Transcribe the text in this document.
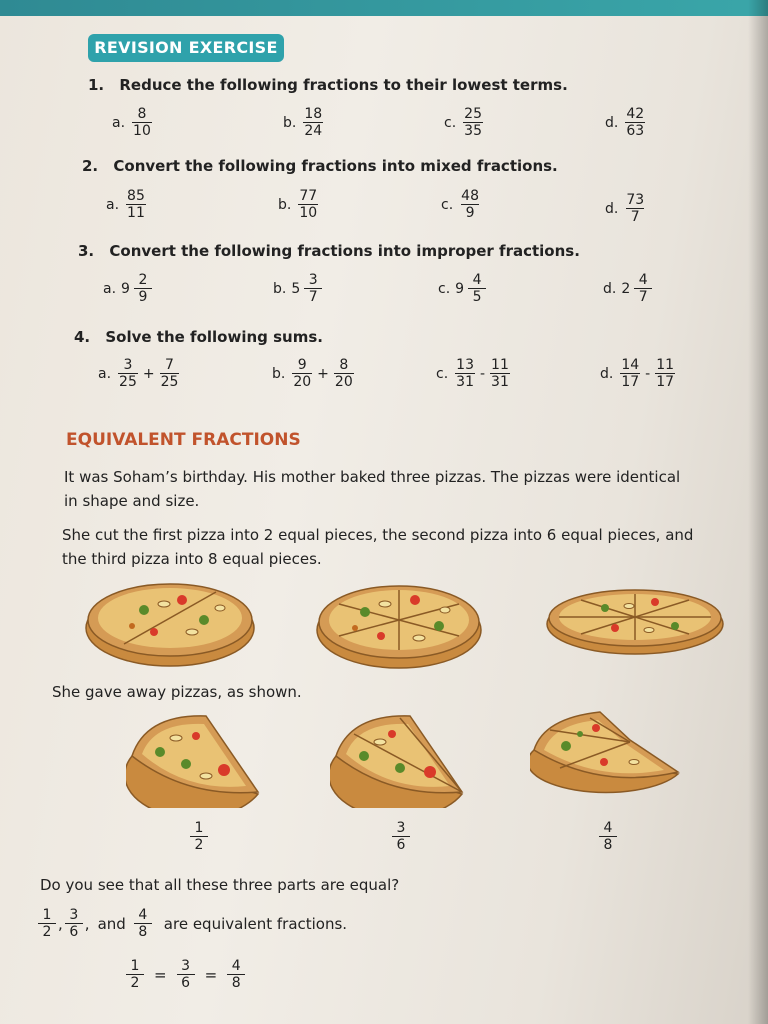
REVISION EXERCISE
1. Reduce the following fractions to their lowest terms.
a. $\frac{8}{10}$	b. $\frac{18}{24}$	c. $\frac{25}{35}$	d. $\frac{42}{63}$
2. Convert the following fractions into mixed fractions.
a. $\frac{85}{11}$	b. $\frac{77}{10}$	c. $\frac{48}{9}$	d. $\frac{73}{7}$
3. Convert the following fractions into improper fractions.
a. $9 \frac{2}{9}$	b. $5 \frac{3}{7}$	c. $9 \frac{4}{5}$	d. $2 \frac{4}{7}$
4. Solve the following sums.
a. $\frac{3}{25} + \frac{7}{25}$	b. $\frac{9}{20} + \frac{8}{20}$	c. $\frac{13}{31} - \frac{11}{31}$	d. $\frac{14}{17} - \frac{11}{17}$
EQUIVALENT FRACTIONS
It was Soham’s birthday. His mother baked three pizzas. The pizzas were identical
in shape and size.
She cut the first pizza into 2 equal pieces, the second pizza into 6 equal pieces, and
the third pizza into 8 equal pieces.
She gave away pizzas, as shown.
$\frac{1}{2}$	$\frac{3}{6}$	$\frac{4}{8}$
Do you see that all these three parts are equal?
$\frac{1}{2}$ , $\frac{3}{6}$ , and $\frac{4}{8}$ are equivalent fractions.
$\frac{1}{2} = \frac{3}{6} = \frac{4}{8}$
